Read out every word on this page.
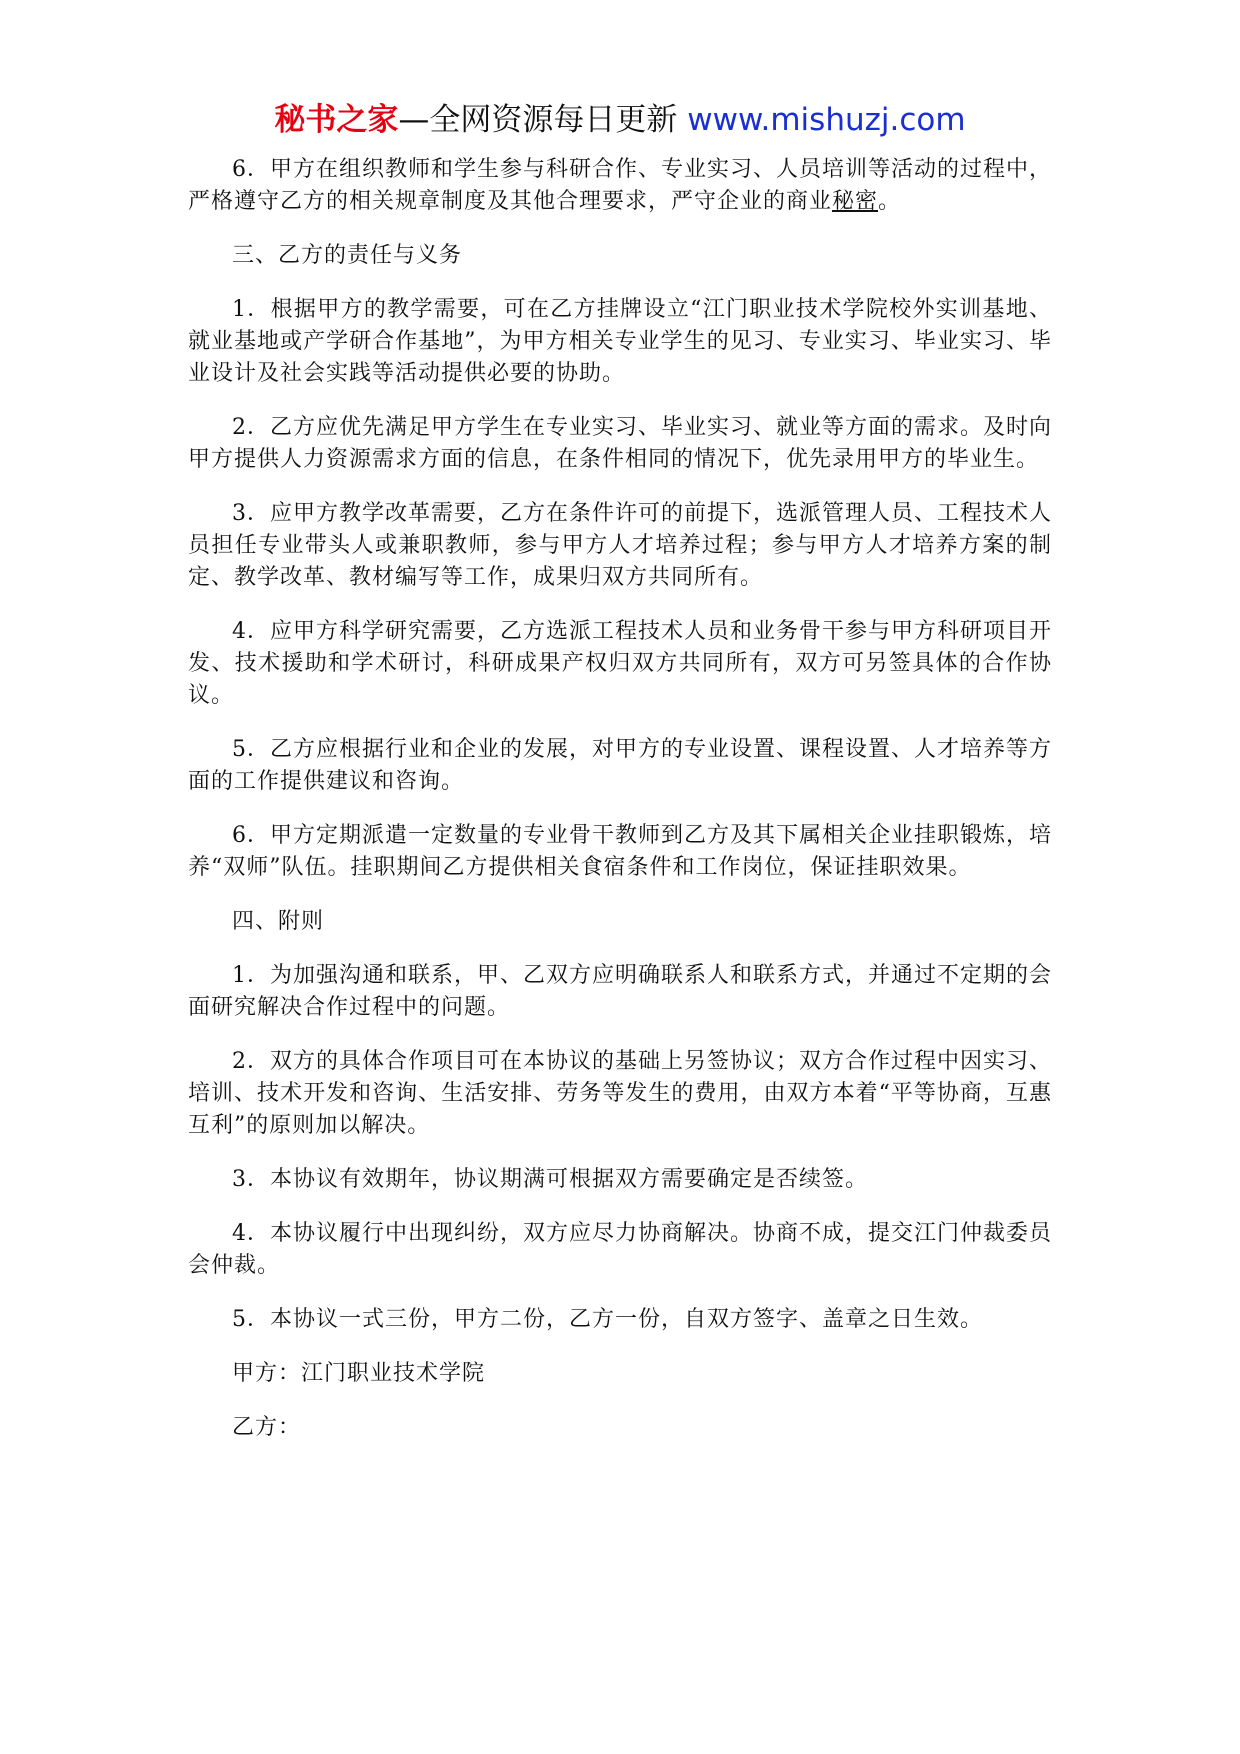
秘书之家—全网资源每日更新 www.mishuzj.com

6．甲方在组织教师和学生参与科研合作、专业实习、人员培训等活动的过程中，严格遵守乙方的相关规章制度及其他合理要求，严守企业的商业秘密。

三、乙方的责任与义务

1．根据甲方的教学需要，可在乙方挂牌设立“江门职业技术学院校外实训基地、就业基地或产学研合作基地”，为甲方相关专业学生的见习、专业实习、毕业实习、毕业设计及社会实践等活动提供必要的协助。

2．乙方应优先满足甲方学生在专业实习、毕业实习、就业等方面的需求。及时向甲方提供人力资源需求方面的信息，在条件相同的情况下，优先录用甲方的毕业生。

3．应甲方教学改革需要，乙方在条件许可的前提下，选派管理人员、工程技术人员担任专业带头人或兼职教师，参与甲方人才培养过程；参与甲方人才培养方案的制定、教学改革、教材编写等工作，成果归双方共同所有。

4．应甲方科学研究需要，乙方选派工程技术人员和业务骨干参与甲方科研项目开发、技术援助和学术研讨，科研成果产权归双方共同所有，双方可另签具体的合作协议。

5．乙方应根据行业和企业的发展，对甲方的专业设置、课程设置、人才培养等方面的工作提供建议和咨询。

6．甲方定期派遣一定数量的专业骨干教师到乙方及其下属相关企业挂职锻炼，培养“双师”队伍。挂职期间乙方提供相关食宿条件和工作岗位，保证挂职效果。

四、附则

1．为加强沟通和联系，甲、乙双方应明确联系人和联系方式，并通过不定期的会面研究解决合作过程中的问题。

2．双方的具体合作项目可在本协议的基础上另签协议；双方合作过程中因实习、培训、技术开发和咨询、生活安排、劳务等发生的费用，由双方本着“平等协商，互惠互利”的原则加以解决。

3．本协议有效期年，协议期满可根据双方需要确定是否续签。

4．本协议履行中出现纠纷，双方应尽力协商解决。协商不成，提交江门仲裁委员会仲裁。

5．本协议一式三份，甲方二份，乙方一份，自双方签字、盖章之日生效。

甲方：江门职业技术学院

乙方：
